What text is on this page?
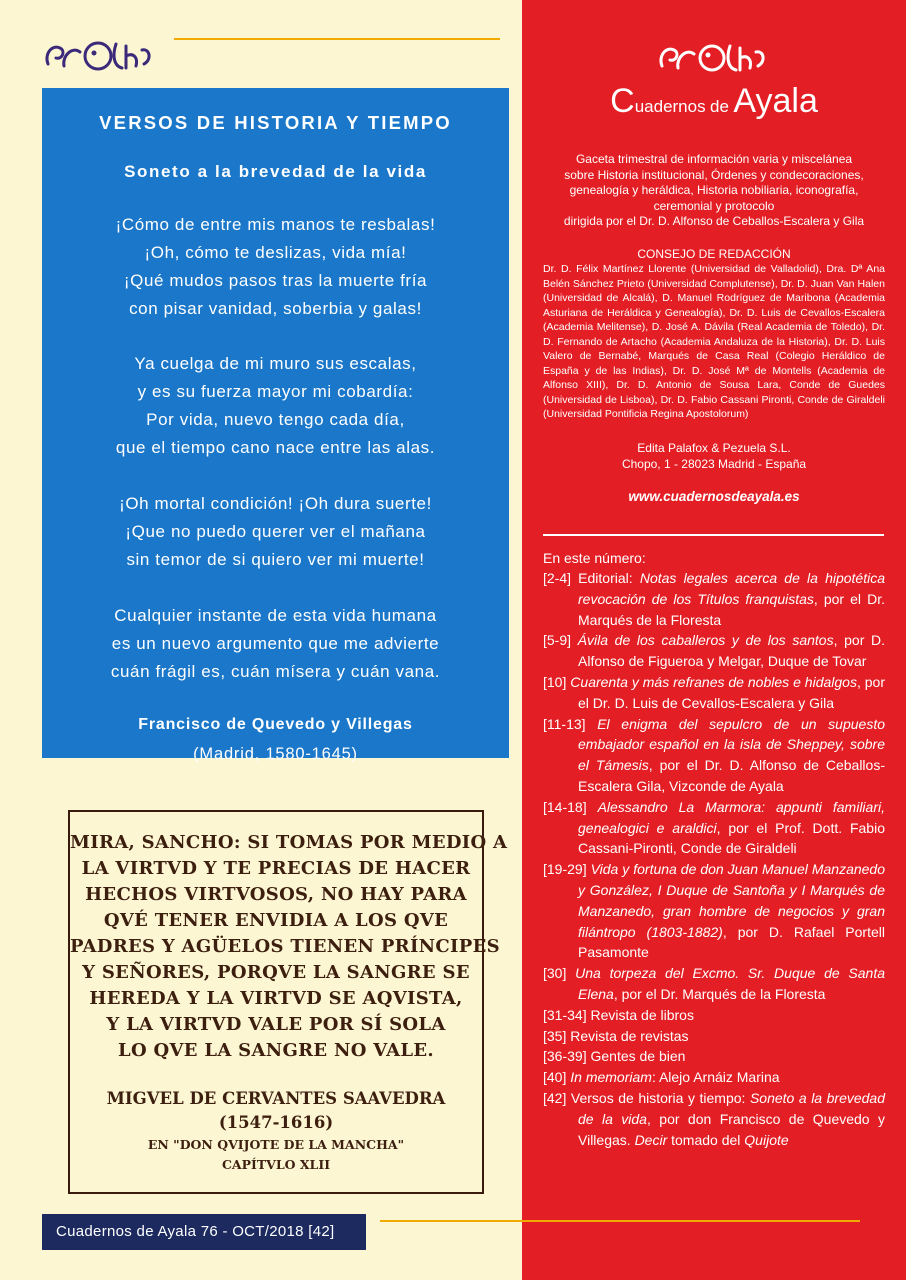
VERSOS DE HISTORIA Y TIEMPO
Soneto a la brevedad de la vida
¡Cómo de entre mis manos te resbalas!
¡Oh, cómo te deslizas, vida mía!
¡Qué mudos pasos tras la muerte fría
con pisar vanidad, soberbia y galas!
Ya cuelga de mi muro sus escalas,
y es su fuerza mayor mi cobardía:
Por vida, nuevo tengo cada día,
que el tiempo cano nace entre las alas.
¡Oh mortal condición! ¡Oh dura suerte!
¡Que no puedo querer ver el mañana
sin temor de si quiero ver mi muerte!
Cualquier instante de esta vida humana
es un nuevo argumento que me advierte
cuán frágil es, cuán mísera y cuán vana.
Francisco de Quevedo y Villegas
(Madrid, 1580-1645)
MIRA, SANCHO: SI TOMAS POR MEDIO A
LA VIRTVD Y TE PRECIAS DE HACER
HECHOS VIRTVOSOS, NO HAY PARA
QVÉ TENER ENVIDIA A LOS QVE
PADRES Y AGÜELOS TIENEN PRÍNCIPES
Y SEÑORES, PORQVE LA SANGRE SE
HEREDA Y LA VIRTVD SE AQVISTA,
Y LA VIRTVD VALE POR SÍ SOLA
LO QVE LA SANGRE NO VALE.
MIGVEL DE CERVANTES SAAVEDRA
(1547-1616)
EN "DON QVIJOTE DE LA MANCHA"
CAPÍTVLO XLII
Cuadernos de Ayala 76 - OCT/2018 [42]
Cuadernos de Ayala
Gaceta trimestral de información varia y miscelánea
sobre Historia institucional, Órdenes y condecoraciones,
genealogía y heráldica, Historia nobiliaria, iconografía,
ceremonial y protocolo
dirigida por el Dr. D. Alfonso de Ceballos-Escalera y Gila
CONSEJO DE REDACCIÓN
Dr. D. Félix Martínez Llorente (Universidad de Valladolid), Dra. Dª Ana Belén Sánchez Prieto (Universidad Complutense), Dr. D. Juan Van Halen (Universidad de Alcalá), D. Manuel Rodríguez de Maribona (Academia Asturiana de Heráldica y Genealogía), Dr. D. Luis de Cevallos-Escalera (Academia Melitense), D. José A. Dávila (Real Academia de Toledo), Dr. D. Fernando de Artacho (Academia Andaluza de la Historia), Dr. D. Luis Valero de Bernabé, Marqués de Casa Real (Colegio Heráldico de España y de las Indias), Dr. D. José Mª de Montells (Academia de Alfonso XIII), Dr. D. Antonio de Sousa Lara, Conde de Guedes (Universidad de Lisboa), Dr. D. Fabio Cassani Pironti, Conde de Giraldeli (Universidad Pontificia Regina Apostolorum)
Edita Palafox & Pezuela S.L.
Chopo, 1 - 28023 Madrid - España
www.cuadernosdeayala.es
En este número:
[2-4] Editorial: Notas legales acerca de la hipotética revocación de los Títulos franquistas, por el Dr. Marqués de la Floresta
[5-9] Ávila de los caballeros y de los santos, por D. Alfonso de Figueroa y Melgar, Duque de Tovar
[10] Cuarenta y más refranes de nobles e hidalgos, por el Dr. D. Luis de Cevallos-Escalera y Gila
[11-13] El enigma del sepulcro de un supuesto embajador español en la isla de Sheppey, sobre el Támesis, por el Dr. D. Alfonso de Ceballos-Escalera Gila, Vizconde de Ayala
[14-18] Alessandro La Marmora: appunti familiari, genealogici e araldici, por el Prof. Dott. Fabio Cassani-Pironti, Conde de Giraldeli
[19-29] Vida y fortuna de don Juan Manuel Manzanedo y González, I Duque de Santoña y I Marqués de Manzanedo, gran hombre de negocios y gran filántropo (1803-1882), por D. Rafael Portell Pasamonte
[30] Una torpeza del Excmo. Sr. Duque de Santa Elena, por el Dr. Marqués de la Floresta
[31-34] Revista de libros
[35] Revista de revistas
[36-39] Gentes de bien
[40] In memoriam: Alejo Arnáiz Marina
[42] Versos de historia y tiempo: Soneto a la brevedad de la vida, por don Francisco de Quevedo y Villegas. Decir tomado del Quijote
